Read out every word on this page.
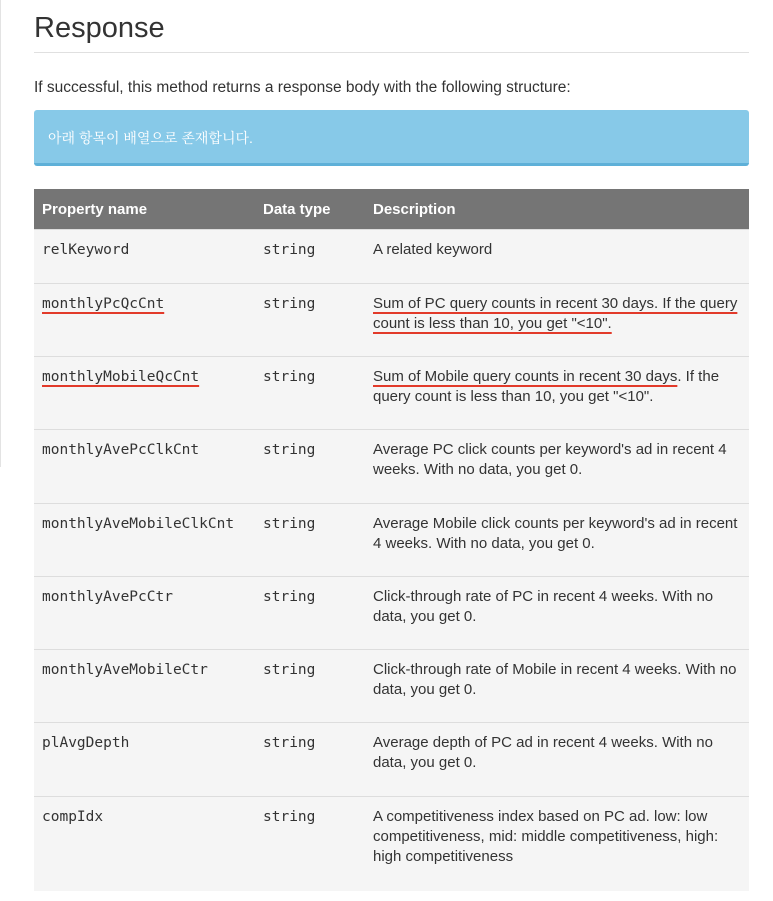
Response

If successful, this method returns a response body with the following structure:

아래 항목이 배열으로 존재합니다.
Property name	Data type	Description
relKeyword	string	A related keyword
monthlyPcQcCnt	string	Sum of PC query counts in recent 30 days. If the query count is less than 10, you get "<10".
monthlyMobileQcCnt	string	Sum of Mobile query counts in recent 30 days. If the query count is less than 10, you get "<10".
monthlyAvePcClkCnt	string	Average PC click counts per keyword's ad in recent 4 weeks. With no data, you get 0.
monthlyAveMobileClkCnt	string	Average Mobile click counts per keyword's ad in recent 4 weeks. With no data, you get 0.
monthlyAvePcCtr	string	Click-through rate of PC in recent 4 weeks. With no data, you get 0.
monthlyAveMobileCtr	string	Click-through rate of Mobile in recent 4 weeks. With no data, you get 0.
plAvgDepth	string	Average depth of PC ad in recent 4 weeks. With no data, you get 0.
compIdx	string	A competitiveness index based on PC ad. low: low competitiveness, mid: middle competitiveness, high: high competitiveness
